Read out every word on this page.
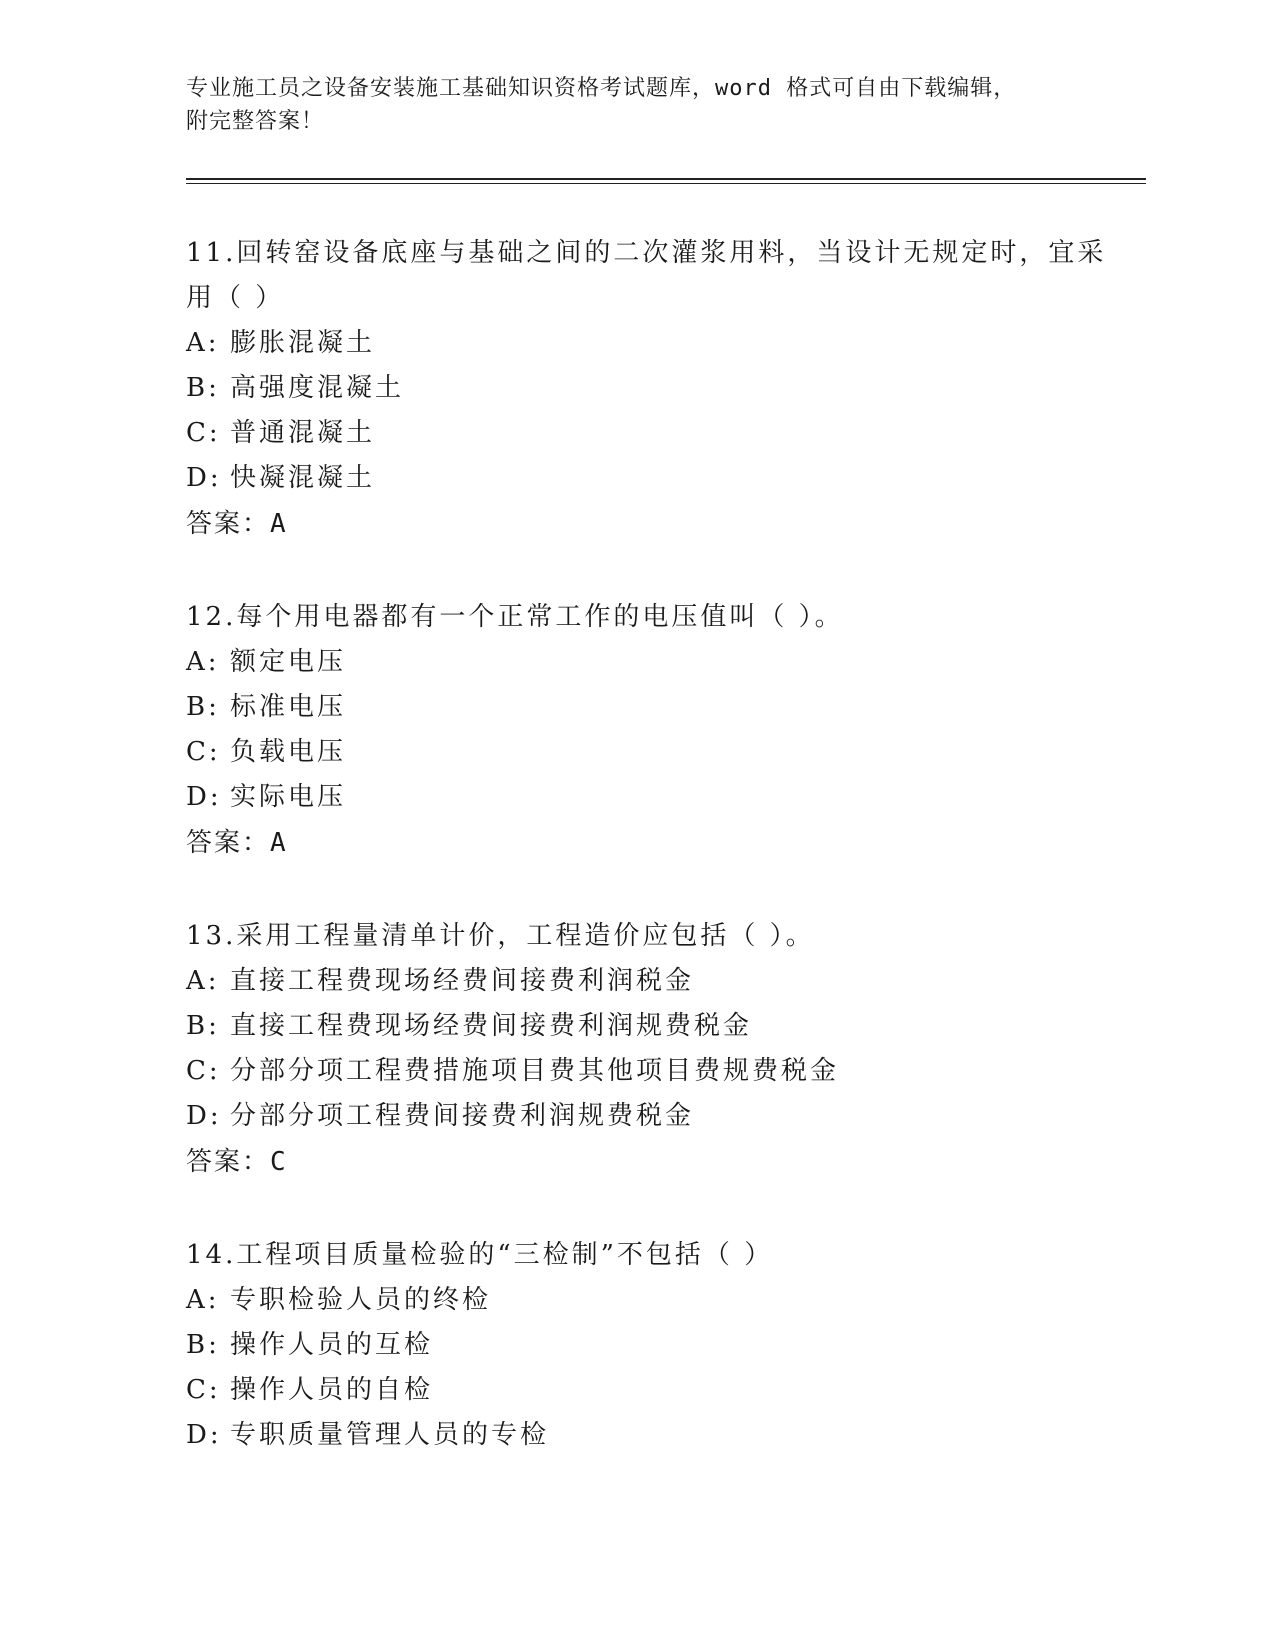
专业施工员之设备安装施工基础知识资格考试题库，word 格式可自由下载编辑，
附完整答案！

11.回转窑设备底座与基础之间的二次灌浆用料，当设计无规定时，宜采用（ ）

A: 膨胀混凝土
B: 高强度混凝土
C: 普通混凝土
D: 快凝混凝土

答案：A

12.每个用电器都有一个正常工作的电压值叫（ ）。

A: 额定电压
B: 标准电压
C: 负载电压
D: 实际电压

答案：A

13.采用工程量清单计价，工程造价应包括（ ）。

A: 直接工程费现场经费间接费利润税金
B: 直接工程费现场经费间接费利润规费税金
C: 分部分项工程费措施项目费其他项目费规费税金
D: 分部分项工程费间接费利润规费税金

答案：C

14.工程项目质量检验的“三检制”不包括（ ）

A: 专职检验人员的终检
B: 操作人员的互检
C: 操作人员的自检
D: 专职质量管理人员的专检
